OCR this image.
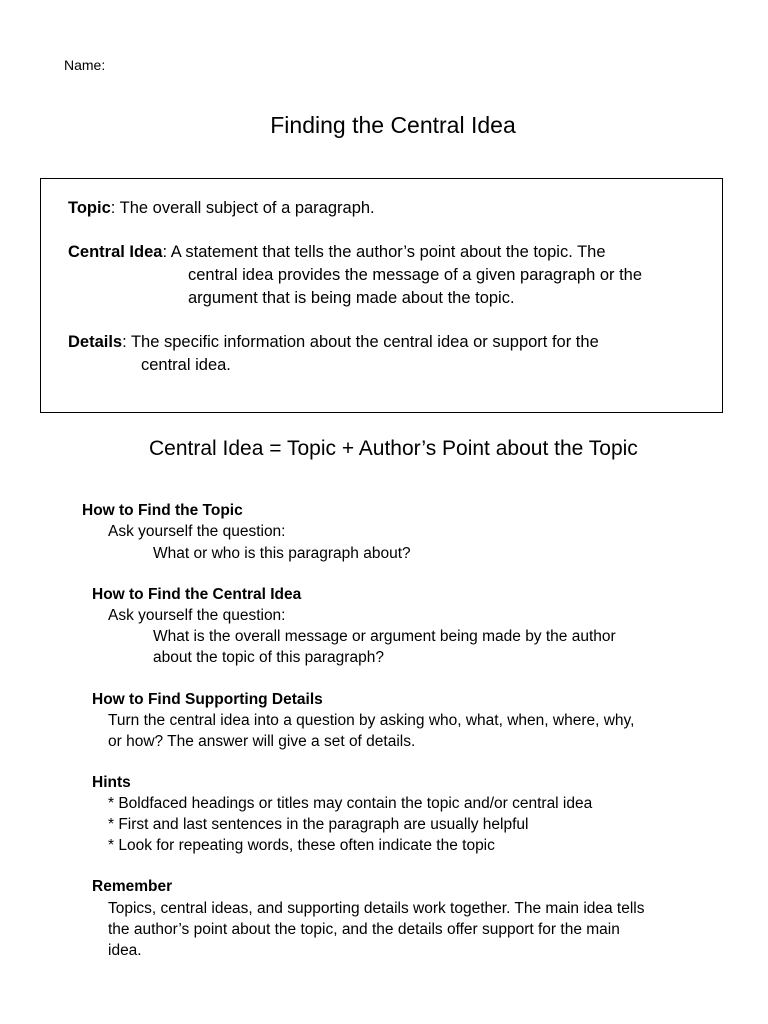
Name:
Finding the Central Idea
Topic: The overall subject of a paragraph.
Central Idea: A statement that tells the author’s point about the topic. The
central idea provides the message of a given paragraph or the
argument that is being made about the topic.
Details: The specific information about the central idea or support for the
central idea.
Central Idea = Topic + Author’s Point about the Topic
How to Find the Topic
Ask yourself the question:
What or who is this paragraph about?
How to Find the Central Idea
Ask yourself the question:
What is the overall message or argument being made by the author
about the topic of this paragraph?
How to Find Supporting Details
Turn the central idea into a question by asking who, what, when, where, why,
or how? The answer will give a set of details.
Hints
* Boldfaced headings or titles may contain the topic and/or central idea
* First and last sentences in the paragraph are usually helpful
* Look for repeating words, these often indicate the topic
Remember
Topics, central ideas, and supporting details work together. The main idea tells
the author’s point about the topic, and the details offer support for the main
idea.
